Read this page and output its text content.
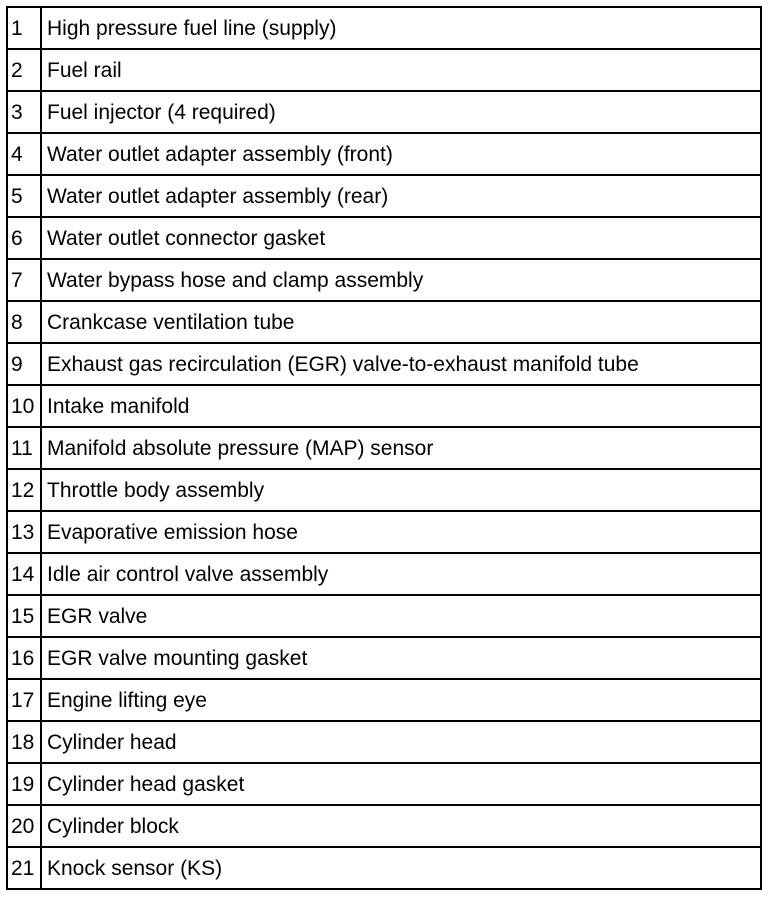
1	High pressure fuel line (supply)
2	Fuel rail
3	Fuel injector (4 required)
4	Water outlet adapter assembly (front)
5	Water outlet adapter assembly (rear)
6	Water outlet connector gasket
7	Water bypass hose and clamp assembly
8	Crankcase ventilation tube
9	Exhaust gas recirculation (EGR) valve-to-exhaust manifold tube
10	Intake manifold
11	Manifold absolute pressure (MAP) sensor
12	Throttle body assembly
13	Evaporative emission hose
14	Idle air control valve assembly
15	EGR valve
16	EGR valve mounting gasket
17	Engine lifting eye
18	Cylinder head
19	Cylinder head gasket
20	Cylinder block
21	Knock sensor (KS)
